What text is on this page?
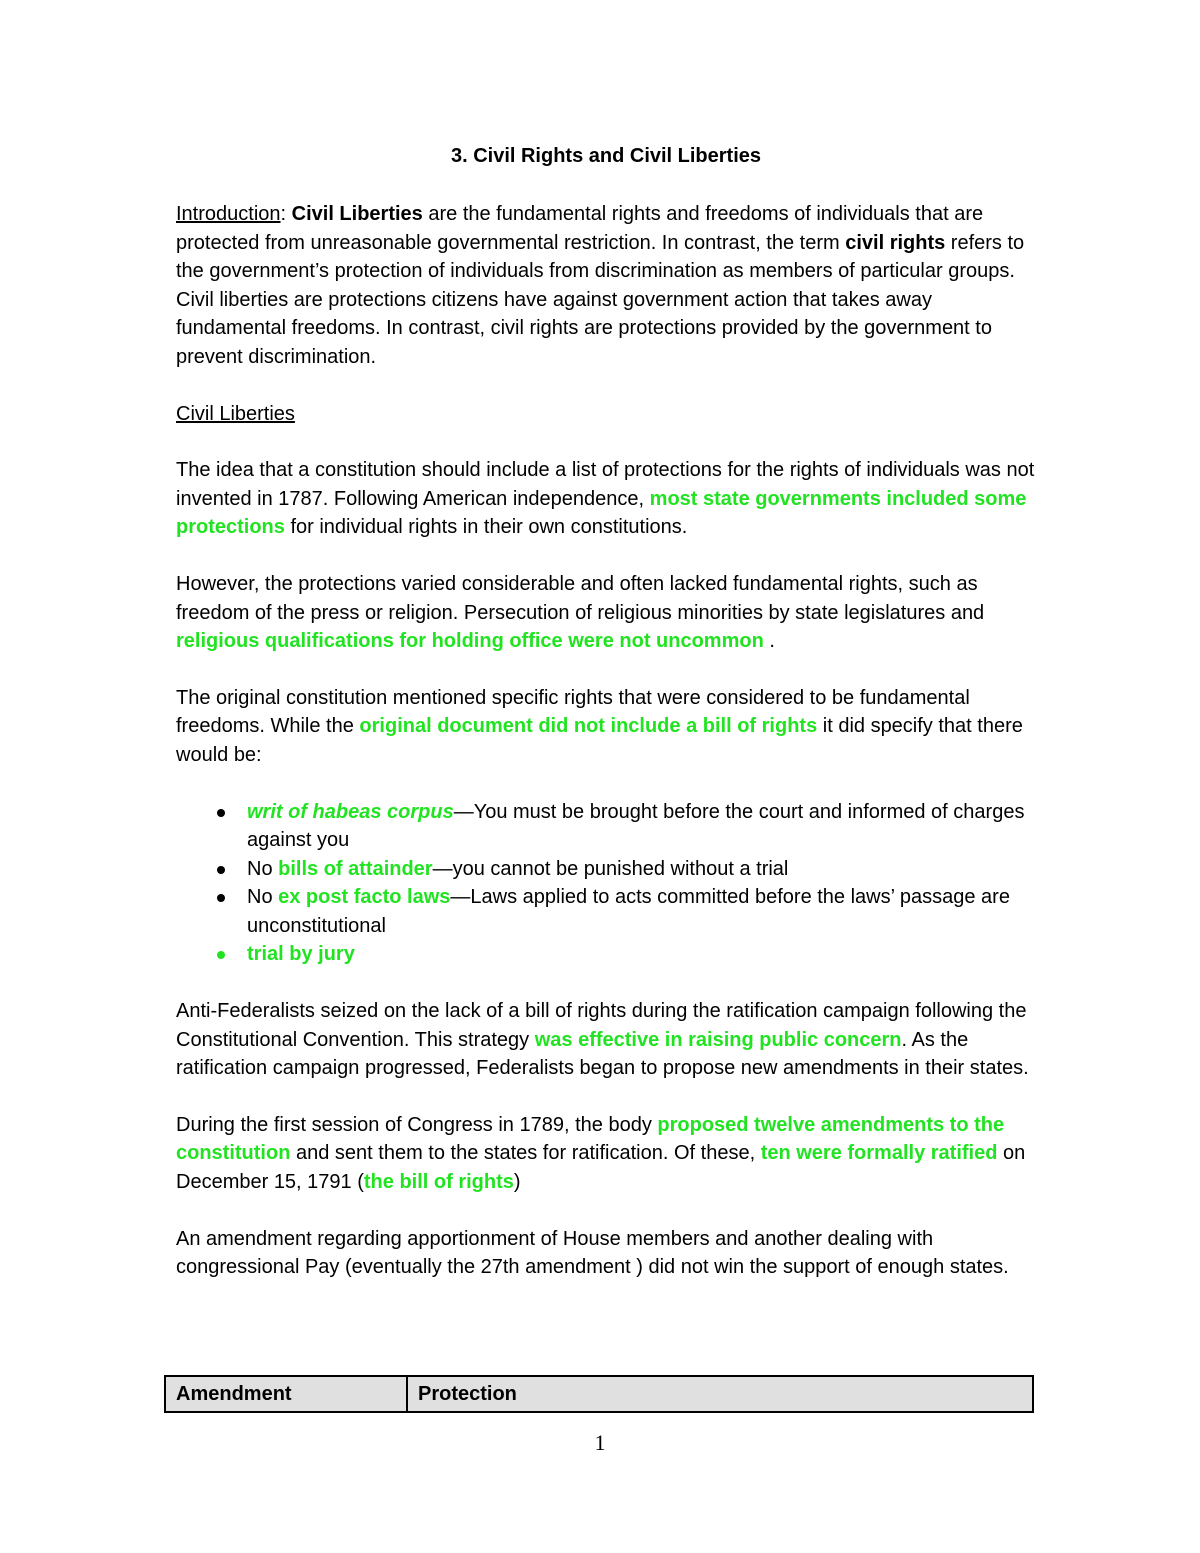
3. Civil Rights and Civil Liberties

Introduction: Civil Liberties are the fundamental rights and freedoms of individuals that are protected from unreasonable governmental restriction. In contrast, the term civil rights refers to the government’s protection of individuals from discrimination as members of particular groups. Civil liberties are protections citizens have against government action that takes away fundamental freedoms. In contrast, civil rights are protections provided by the government to prevent discrimination.

Civil Liberties

The idea that a constitution should include a list of protections for the rights of individuals was not invented in 1787. Following American independence, most state governments included some protections for individual rights in their own constitutions.

However, the protections varied considerable and often lacked fundamental rights, such as freedom of the press or religion. Persecution of religious minorities by state legislatures and religious qualifications for holding office were not uncommon .

The original constitution mentioned specific rights that were considered to be fundamental freedoms. While the original document did not include a bill of rights it did specify that there would be:

writ of habeas corpus—You must be brought before the court and informed of charges against you
No bills of attainder—you cannot be punished without a trial
No ex post facto laws—Laws applied to acts committed before the laws’ passage are unconstitutional
trial by jury

Anti-Federalists seized on the lack of a bill of rights during the ratification campaign following the Constitutional Convention. This strategy was effective in raising public concern. As the ratification campaign progressed, Federalists began to propose new amendments in their states.

During the first session of Congress in 1789, the body proposed twelve amendments to the constitution and sent them to the states for ratification. Of these, ten were formally ratified on December 15, 1791 (the bill of rights)

An amendment regarding apportionment of House members and another dealing with congressional Pay (eventually the 27th amendment ) did not win the support of enough states.

Amendment	Protection
1
